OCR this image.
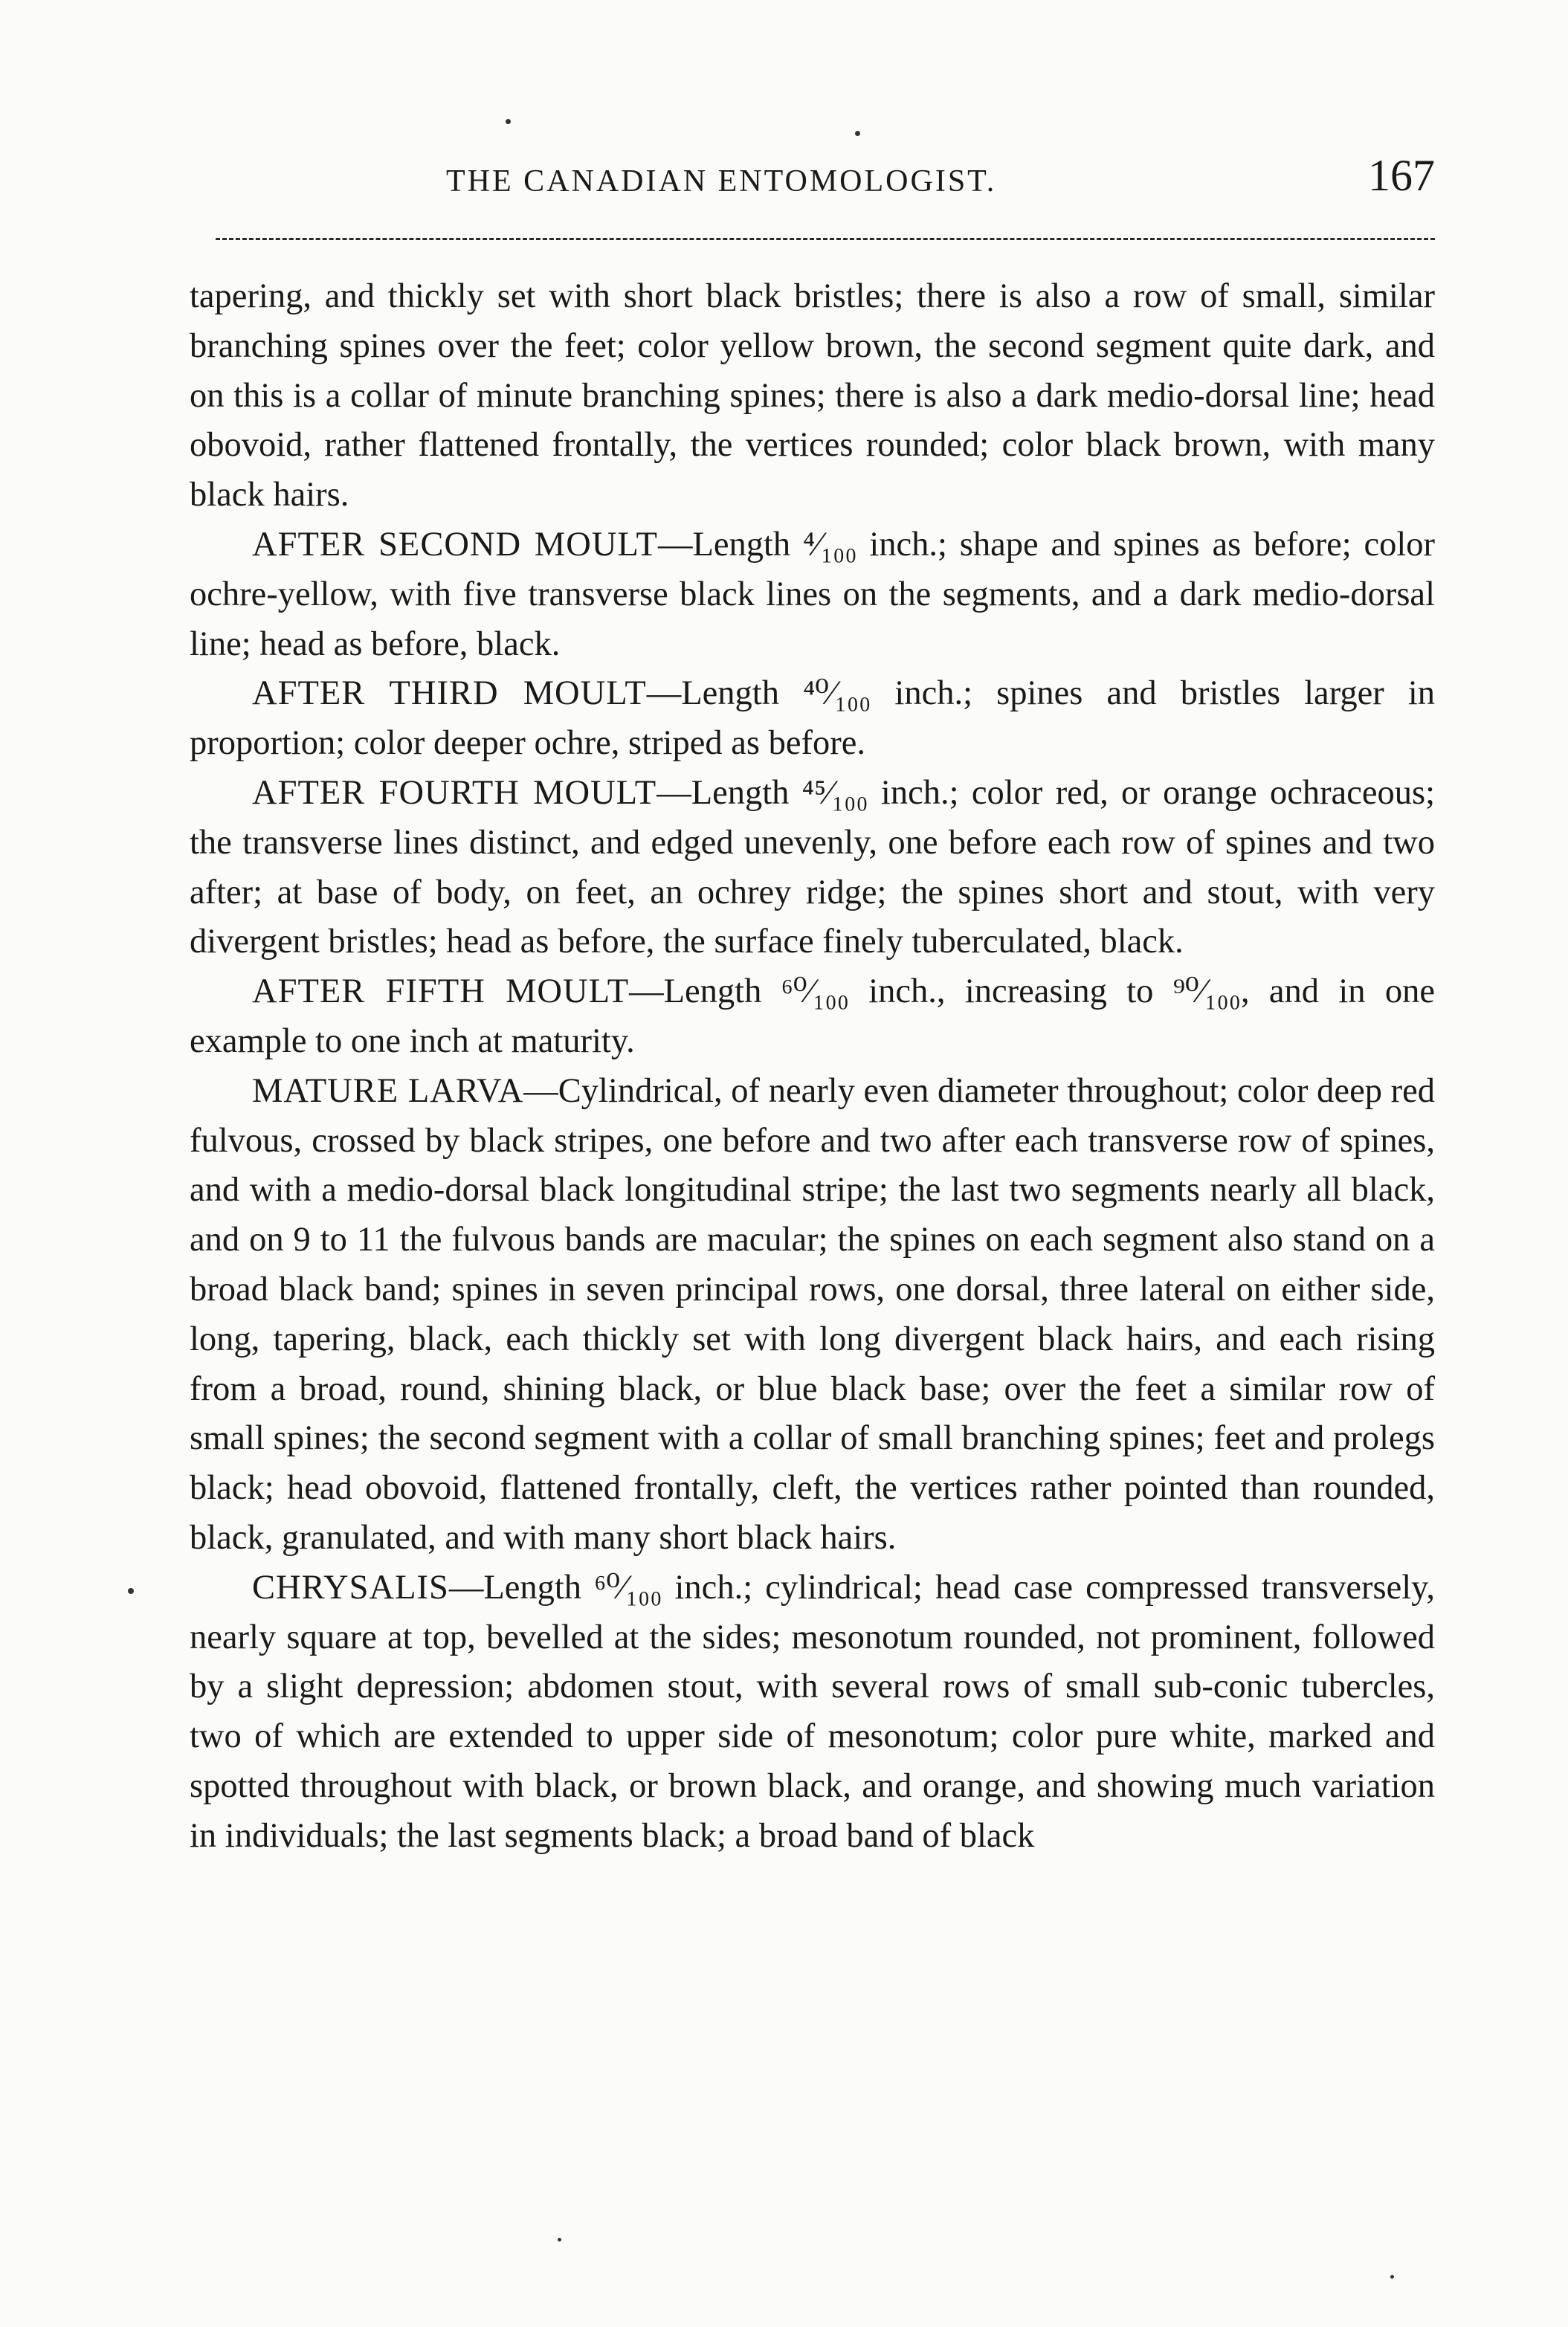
THE CANADIAN ENTOMOLOGIST.	167

tapering, and thickly set with short black bristles; there is also a row of small, similar branching spines over the feet; color yellow brown, the second segment quite dark, and on this is a collar of minute branching spines; there is also a dark medio-dorsal line; head obovoid, rather flattened frontally, the vertices rounded; color black brown, with many black hairs.

AFTER SECOND MOULT—Length ⁴⁄₁₀₀ inch.; shape and spines as before; color ochre-yellow, with five transverse black lines on the segments, and a dark medio-dorsal line; head as before, black.

AFTER THIRD MOULT—Length ⁴⁰⁄₁₀₀ inch.; spines and bristles larger in proportion; color deeper ochre, striped as before.

AFTER FOURTH MOULT—Length ⁴⁵⁄₁₀₀ inch.; color red, or orange ochraceous; the transverse lines distinct, and edged unevenly, one before each row of spines and two after; at base of body, on feet, an ochrey ridge; the spines short and stout, with very divergent bristles; head as before, the surface finely tuberculated, black.

AFTER FIFTH MOULT—Length ⁶⁰⁄₁₀₀ inch., increasing to ⁹⁰⁄₁₀₀, and in one example to one inch at maturity.

MATURE LARVA—Cylindrical, of nearly even diameter throughout; color deep red fulvous, crossed by black stripes, one before and two after each transverse row of spines, and with a medio-dorsal black longitudinal stripe; the last two segments nearly all black, and on 9 to 11 the fulvous bands are macular; the spines on each segment also stand on a broad black band; spines in seven principal rows, one dorsal, three lateral on either side, long, tapering, black, each thickly set with long divergent black hairs, and each rising from a broad, round, shining black, or blue black base; over the feet a similar row of small spines; the second segment with a collar of small branching spines; feet and prolegs black; head obovoid, flattened frontally, cleft, the vertices rather pointed than rounded, black, granulated, and with many short black hairs.

CHRYSALIS—Length ⁶⁰⁄₁₀₀ inch.; cylindrical; head case compressed transversely, nearly square at top, bevelled at the sides; mesonotum rounded, not prominent, followed by a slight depression; abdomen stout, with several rows of small sub-conic tubercles, two of which are extended to upper side of mesonotum; color pure white, marked and spotted throughout with black, or brown black, and orange, and showing much variation in individuals; the last segments black; a broad band of black
